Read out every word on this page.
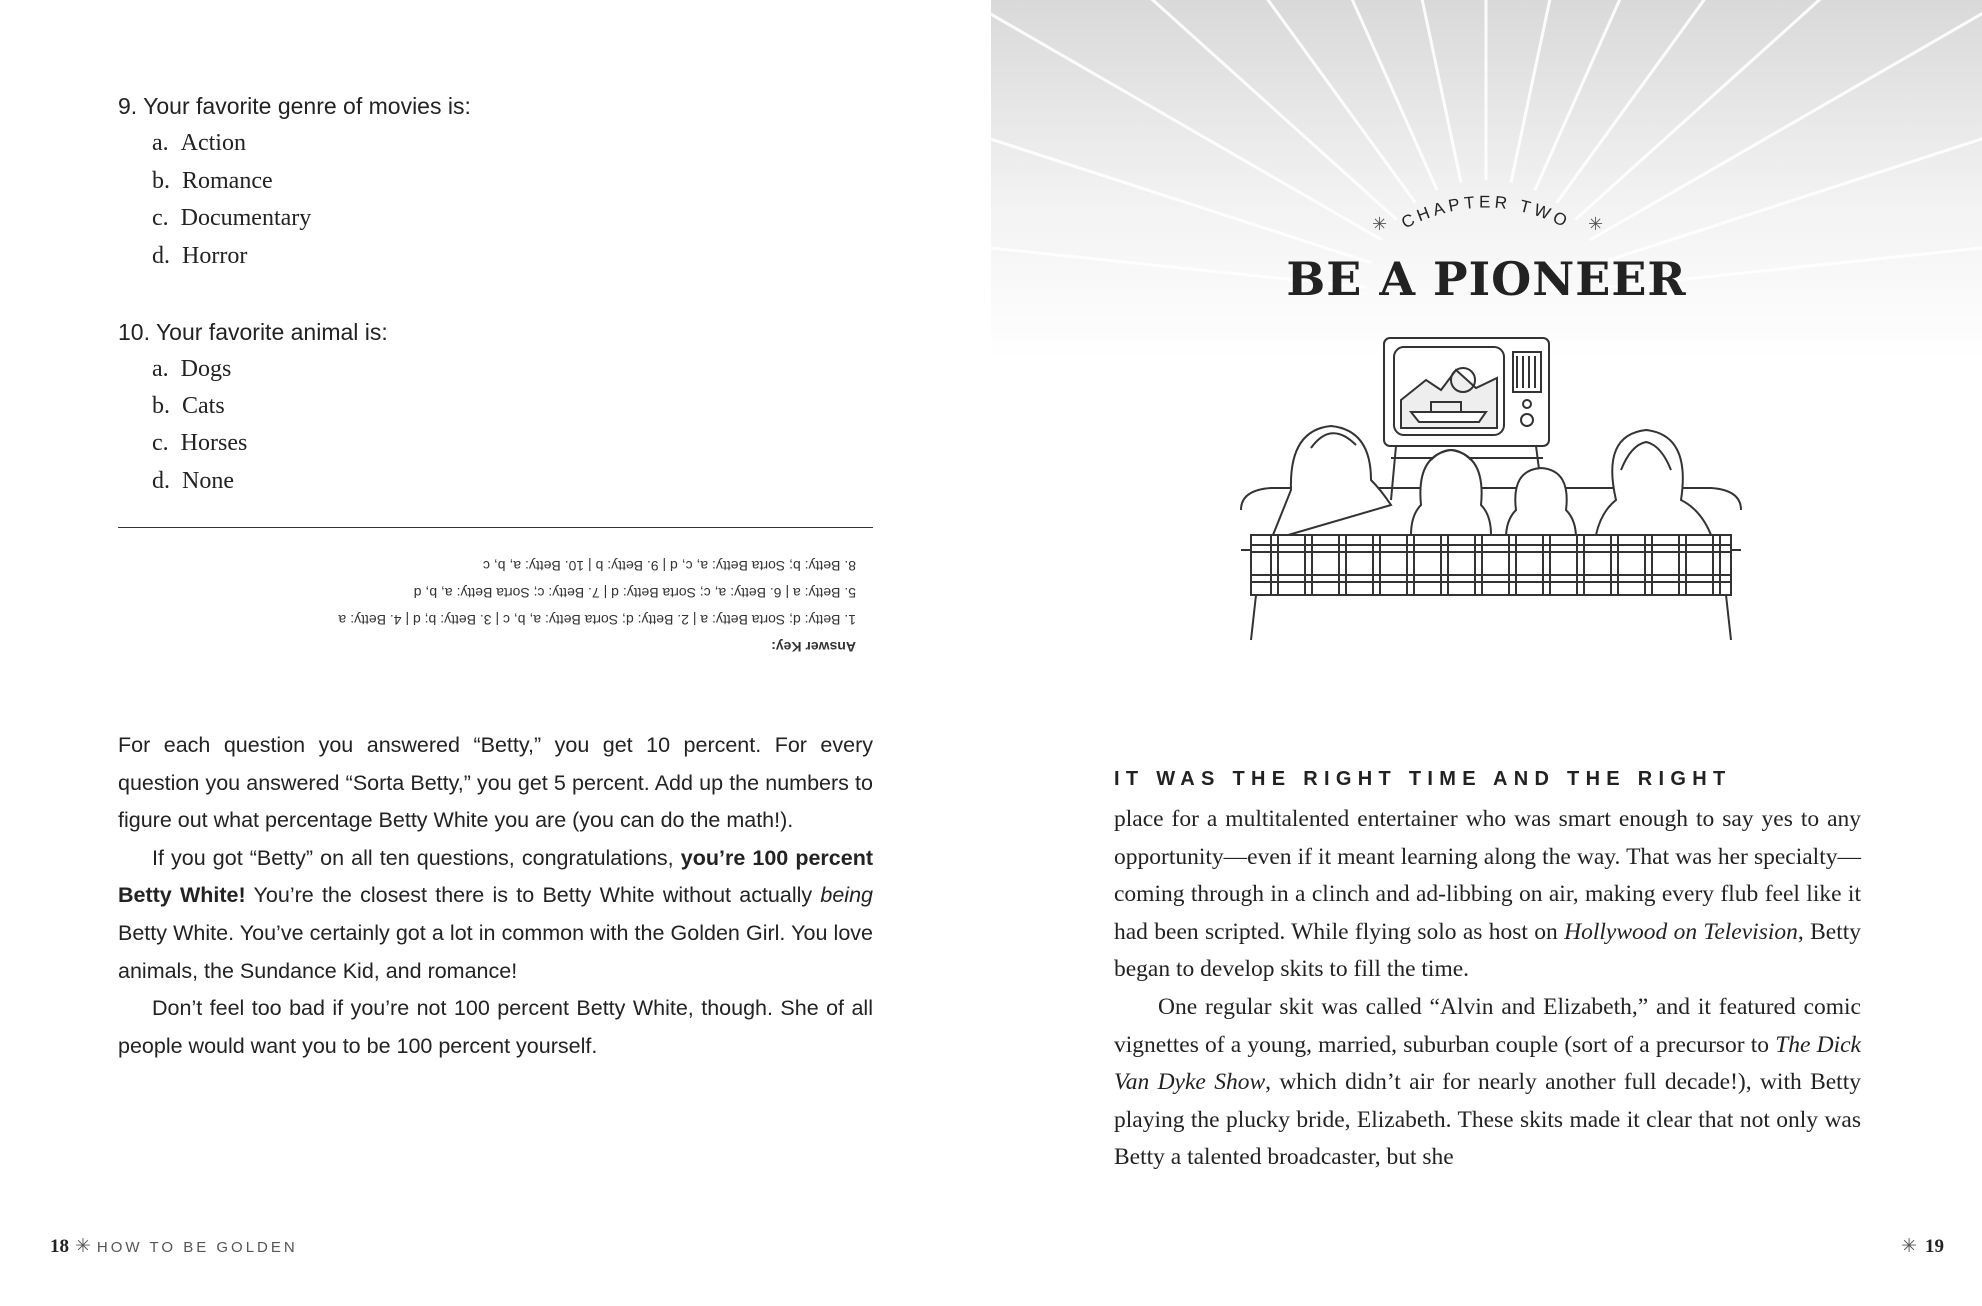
9. Your favorite genre of movies is:
a.  Action
b.  Romance
c.  Documentary
d.  Horror
10. Your favorite animal is:
a.  Dogs
b.  Cats
c.  Horses
d.  None
Answer Key:
1. Betty: d; Sorta Betty: a | 2. Betty: d; Sorta Betty: a, b, c | 3. Betty: b; d | 4. Betty: a
5. Betty: a | 6. Betty: a, c; Sorta Betty: d | 7. Betty: c; Sorta Betty: a, b, d
8. Betty: b; Sorta Betty: a, c, d | 9. Betty: b | 10. Betty: a, b, c

For each question you answered “Betty,” you get 10 percent. For every question you answered “Sorta Betty,” you get 5 percent. Add up the numbers to figure out what percentage Betty White you are (you can do the math!).

If you got “Betty” on all ten questions, congratulations, you’re 100 percent Betty White! You’re the closest there is to Betty White without actually being Betty White. You’ve certainly got a lot in common with the Golden Girl. You love animals, the Sundance Kid, and romance!

Don’t feel too bad if you’re not 100 percent Betty White, though. She of all people would want you to be 100 percent yourself.

18 ✳ HOW TO BE GOLDEN
CHAPTER TWO
✳	✳
BE A PIONEER
IT WAS THE RIGHT TIME AND THE RIGHT

place for a multitalented entertainer who was smart enough to say yes to any opportunity—even if it meant learning along the way. That was her specialty—coming through in a clinch and ad-libbing on air, making every flub feel like it had been scripted. While flying solo as host on Hollywood on Television, Betty began to develop skits to fill the time.

One regular skit was called “Alvin and Elizabeth,” and it featured comic vignettes of a young, married, suburban couple (sort of a precursor to The Dick Van Dyke Show, which didn’t air for nearly another full decade!), with Betty playing the plucky bride, Elizabeth. These skits made it clear that not only was Betty a talented broadcaster, but she

✳ 19
